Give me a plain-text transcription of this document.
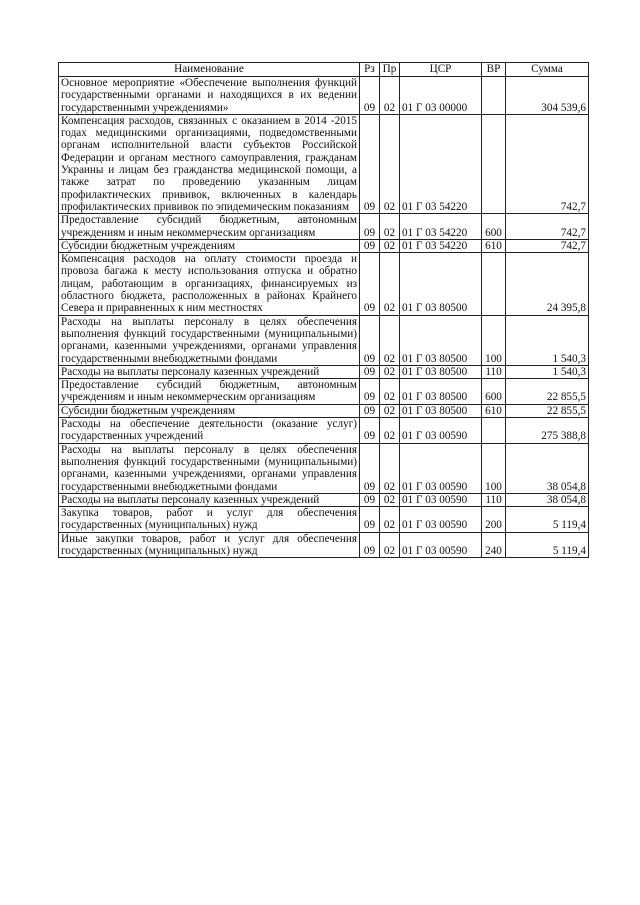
Наименование	Рз	Пр	ЦСР	ВР	Сумма
Основное мероприятие «Обеспечение выполнения функций государственными органами и находящихся в их ведении государственными учреждениями»	09	02	01 Г 03 00000		304 539,6
Компенсация расходов, связанных с оказанием в 2014 -2015 годах медицинскими организациями, подведомственными органам исполнительной власти субъектов Российской Федерации и органам местного самоуправления, гражданам Украины и лицам без гражданства медицинской помощи, а также затрат по проведению указанным лицам профилактических прививок, включенных в календарь профилактических прививок по эпидемическим показаниям	09	02	01 Г 03 54220		742,7
Предоставление субсидий бюджетным, автономным учреждениям и иным некоммерческим организациям	09	02	01 Г 03 54220	600	742,7
Субсидии бюджетным учреждениям	09	02	01 Г 03 54220	610	742,7
Компенсация расходов на оплату стоимости проезда и провоза багажа к месту использования отпуска и обратно лицам, работающим в организациях, финансируемых из областного бюджета, расположенных в районах Крайнего Севера и приравненных к ним местностях	09	02	01 Г 03 80500		24 395,8
Расходы на выплаты персоналу в целях обеспечения выполнения функций государственными (муниципальными) органами, казенными учреждениями, органами управления государственными внебюджетными фондами	09	02	01 Г 03 80500	100	1 540,3
Расходы на выплаты персоналу казенных учреждений	09	02	01 Г 03 80500	110	1 540,3
Предоставление субсидий бюджетным, автономным учреждениям и иным некоммерческим организациям	09	02	01 Г 03 80500	600	22 855,5
Субсидии бюджетным учреждениям	09	02	01 Г 03 80500	610	22 855,5
Расходы на обеспечение деятельности (оказание услуг) государственных учреждений	09	02	01 Г 03 00590		275 388,8
Расходы на выплаты персоналу в целях обеспечения выполнения функций государственными (муниципальными) органами, казенными учреждениями, органами управления государственными внебюджетными фондами	09	02	01 Г 03 00590	100	38 054,8
Расходы на выплаты персоналу казенных учреждений	09	02	01 Г 03 00590	110	38 054,8
Закупка товаров, работ и услуг для обеспечения государственных (муниципальных) нужд	09	02	01 Г 03 00590	200	5 119,4
Иные закупки товаров, работ и услуг для обеспечения государственных (муниципальных) нужд	09	02	01 Г 03 00590	240	5 119,4
